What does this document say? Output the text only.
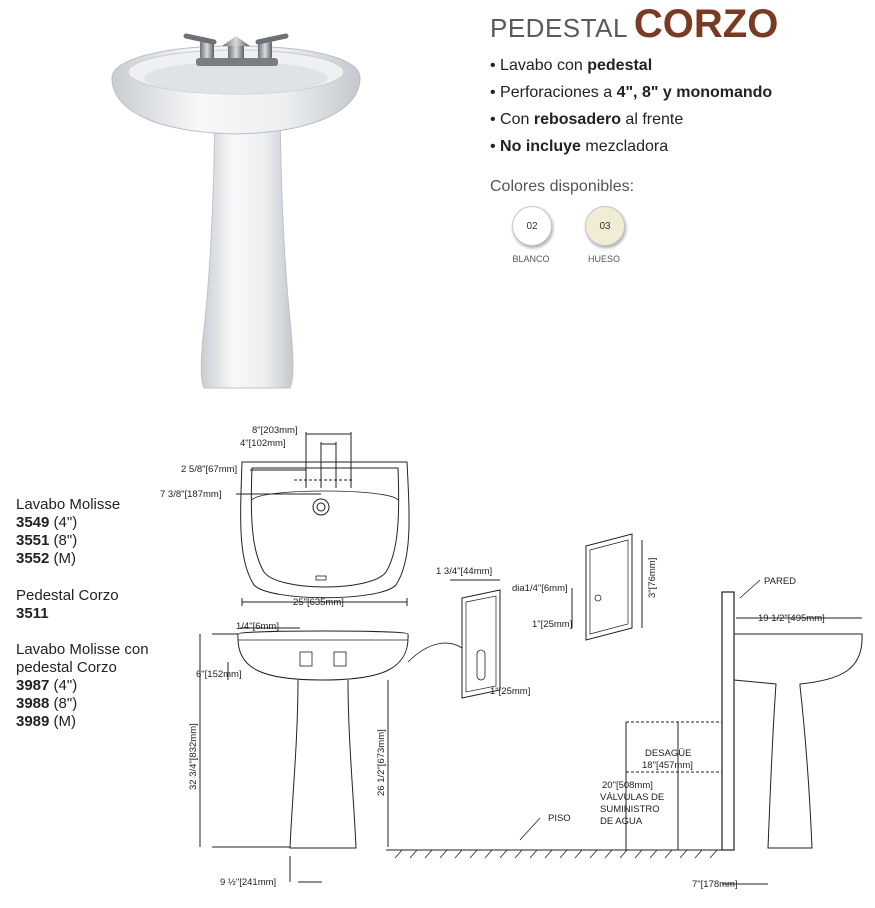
PEDESTAL CORZO
• Lavabo con pedestal
• Perforaciones a 4", 8" y monomando
• Con rebosadero al frente
• No incluye mezcladora
Colores disponibles:
02
BLANCO
03
HUESO
Lavabo Molisse
3549 (4")
3551 (8")
3552 (M)
Pedestal Corzo
3511
Lavabo Molisse con pedestal Corzo
3987 (4")
3988 (8")
3989 (M)
8"[203mm]
4"[102mm]
2 5/8"[67mm]
7 3/8"[187mm]
25"[635mm]
1/4"[6mm]
6"[152mm]
32 3/4"[832mm]	26 1/2"[673mm]
9 ½"[241mm]
1 3/4"[44mm]
dia1/4"[6mm]
1"[25mm]
1"[25mm]
3"[76mm]	PARED
19 1/2"[495mm]
DESAGÜE
18"[457mm]
20"[508mm]
VÁLVULAS DE
SUMINISTRO
DE AGUA
PISO
7"[178mm]
